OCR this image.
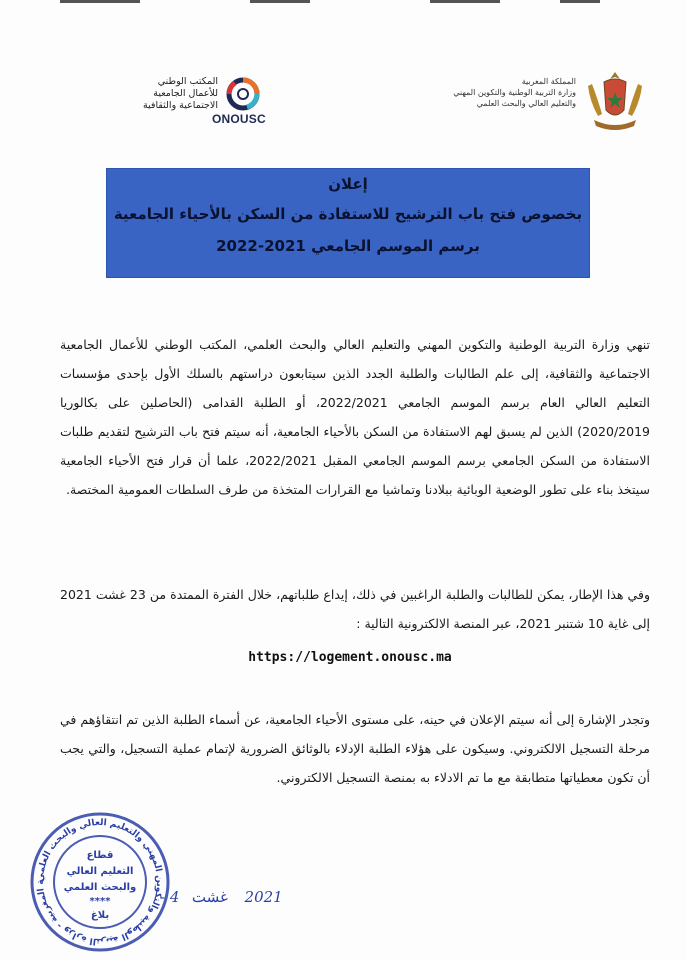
المملكة المغربية
وزارة التربية الوطنية والتكوين المهني
والتعليم العالي والبحث العلمي
ONOUSC
المكتب الوطني
للأعمال الجامعية
الاجتماعية والثقافية
إعلان
بخصوص فتح باب الترشيح للاستفادة من السكن بالأحياء الجامعية
برسم الموسم الجامعي 2021-2022

تنهي وزارة التربية الوطنية والتكوين المهني والتعليم العالي والبحث العلمي، المكتب الوطني للأعمال الجامعية الاجتماعية والثقافية، إلى علم الطالبات والطلبة الجدد الذين سيتابعون دراستهم بالسلك الأول بإحدى مؤسسات التعليم العالي العام برسم الموسم الجامعي 2022/2021، أو الطلبة القدامى (الحاصلين على بكالوريا 2020/2019) الذين لم يسبق لهم الاستفادة من السكن بالأحياء الجامعية، أنه سيتم فتح باب الترشيح لتقديم طلبات الاستفادة من السكن الجامعي برسم الموسم الجامعي المقبل 2022/2021، علما أن قرار فتح الأحياء الجامعية سيتخذ بناء على تطور الوضعية الوبائية ببلادنا وتماشيا مع القرارات المتخذة من طرف السلطات العمومية المختصة.

وفي هذا الإطار، يمكن للطالبات والطلبة الراغبين في ذلك، إيداع طلباتهم، خلال الفترة الممتدة من 23 غشت 2021 إلى غاية 10 شتنبر 2021، عبر المنصة الالكترونية التالية :

https://logement.onousc.ma

وتجدر الإشارة إلى أنه سيتم الإعلان في حينه، على مستوى الأحياء الجامعية، عن أسماء الطلبة الذين تم انتقاؤهم في مرحلة التسجيل الالكتروني. وسيكون على هؤلاء الطلبة الإدلاء بالوثائق الضرورية لإتمام عملية التسجيل، والتي يجب أن تكون معطياتها متطابقة مع ما تم الادلاء به بمنصة التسجيل الالكتروني.

ة المغربية - وزارة التربية الوطنية والتكوين المهني والتعليم العالي والبحث العلمي	قطاع
التعليم العالي
والبحث العلمي
****
بلاغ
2021    غشت   4 -
